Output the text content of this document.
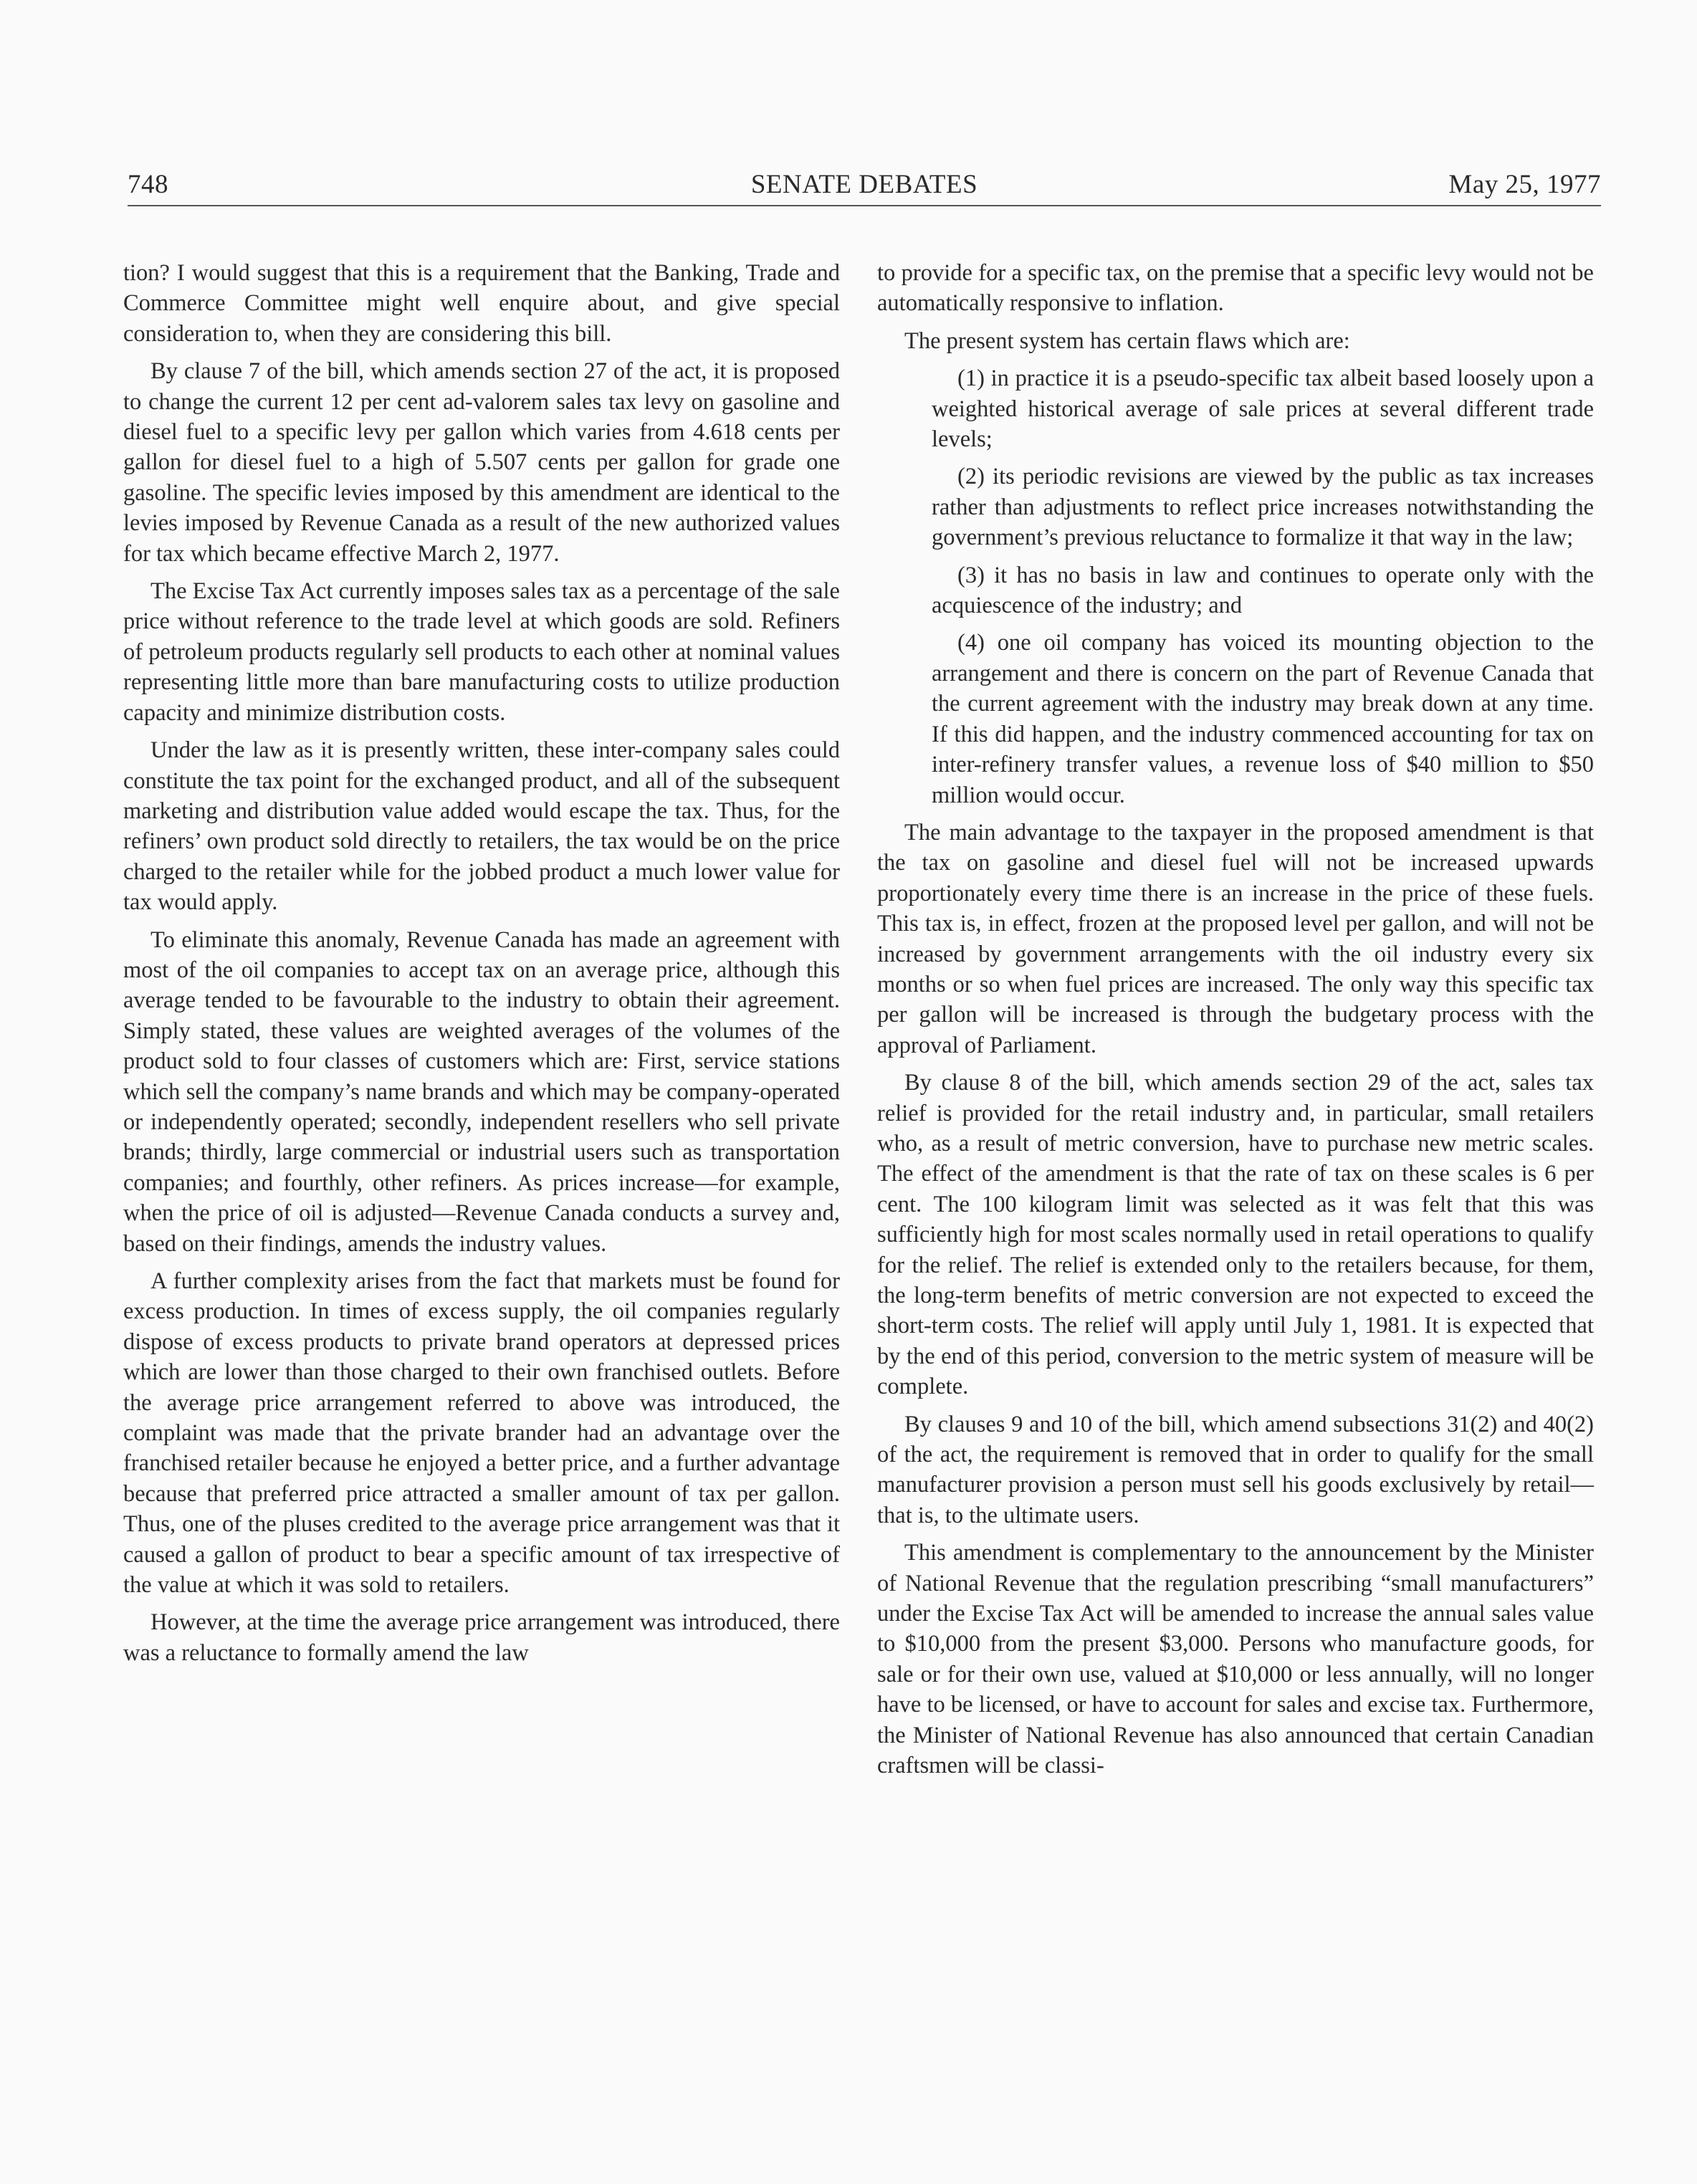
748	SENATE DEBATES	May 25, 1977

tion? I would suggest that this is a requirement that the Banking, Trade and Commerce Committee might well enquire about, and give special consideration to, when they are considering this bill.

By clause 7 of the bill, which amends section 27 of the act, it is proposed to change the current 12 per cent ad-valorem sales tax levy on gasoline and diesel fuel to a specific levy per gallon which varies from 4.618 cents per gallon for diesel fuel to a high of 5.507 cents per gallon for grade one gasoline. The specific levies imposed by this amendment are identical to the levies imposed by Revenue Canada as a result of the new authorized values for tax which became effective March 2, 1977.

The Excise Tax Act currently imposes sales tax as a percentage of the sale price without reference to the trade level at which goods are sold. Refiners of petroleum products regularly sell products to each other at nominal values representing little more than bare manufacturing costs to utilize production capacity and minimize distribution costs.

Under the law as it is presently written, these inter-company sales could constitute the tax point for the exchanged product, and all of the subsequent marketing and distribution value added would escape the tax. Thus, for the refiners’ own product sold directly to retailers, the tax would be on the price charged to the retailer while for the jobbed product a much lower value for tax would apply.

To eliminate this anomaly, Revenue Canada has made an agreement with most of the oil companies to accept tax on an average price, although this average tended to be favourable to the industry to obtain their agreement. Simply stated, these values are weighted averages of the volumes of the product sold to four classes of customers which are: First, service stations which sell the company’s name brands and which may be company-operated or independently operated; secondly, independent resellers who sell private brands; thirdly, large commercial or industrial users such as transportation companies; and fourthly, other refiners. As prices increase—for example, when the price of oil is adjusted—Revenue Canada conducts a survey and, based on their findings, amends the industry values.

A further complexity arises from the fact that markets must be found for excess production. In times of excess supply, the oil companies regularly dispose of excess products to private brand operators at depressed prices which are lower than those charged to their own franchised outlets. Before the average price arrangement referred to above was introduced, the complaint was made that the private brander had an advantage over the franchised retailer because he enjoyed a better price, and a further advantage because that preferred price attracted a smaller amount of tax per gallon. Thus, one of the pluses credited to the average price arrangement was that it caused a gallon of product to bear a specific amount of tax irrespective of the value at which it was sold to retailers.

However, at the time the average price arrangement was introduced, there was a reluctance to formally amend the law

to provide for a specific tax, on the premise that a specific levy would not be automatically responsive to inflation.

The present system has certain flaws which are:

(1) in practice it is a pseudo-specific tax albeit based loosely upon a weighted historical average of sale prices at several different trade levels;

(2) its periodic revisions are viewed by the public as tax increases rather than adjustments to reflect price increases notwithstanding the government’s previous reluctance to formalize it that way in the law;

(3) it has no basis in law and continues to operate only with the acquiescence of the industry; and

(4) one oil company has voiced its mounting objection to the arrangement and there is concern on the part of Revenue Canada that the current agreement with the industry may break down at any time. If this did happen, and the industry commenced accounting for tax on inter-refinery transfer values, a revenue loss of $40 million to $50 million would occur.

The main advantage to the taxpayer in the proposed amendment is that the tax on gasoline and diesel fuel will not be increased upwards proportionately every time there is an increase in the price of these fuels. This tax is, in effect, frozen at the proposed level per gallon, and will not be increased by government arrangements with the oil industry every six months or so when fuel prices are increased. The only way this specific tax per gallon will be increased is through the budgetary process with the approval of Parliament.

By clause 8 of the bill, which amends section 29 of the act, sales tax relief is provided for the retail industry and, in particular, small retailers who, as a result of metric conversion, have to purchase new metric scales. The effect of the amendment is that the rate of tax on these scales is 6 per cent. The 100 kilogram limit was selected as it was felt that this was sufficiently high for most scales normally used in retail operations to qualify for the relief. The relief is extended only to the retailers because, for them, the long-term benefits of metric conversion are not expected to exceed the short-term costs. The relief will apply until July 1, 1981. It is expected that by the end of this period, conversion to the metric system of measure will be complete.

By clauses 9 and 10 of the bill, which amend subsections 31(2) and 40(2) of the act, the requirement is removed that in order to qualify for the small manufacturer provision a person must sell his goods exclusively by retail—that is, to the ultimate users.

This amendment is complementary to the announcement by the Minister of National Revenue that the regulation prescribing “small manufacturers” under the Excise Tax Act will be amended to increase the annual sales value to $10,000 from the present $3,000. Persons who manufacture goods, for sale or for their own use, valued at $10,000 or less annually, will no longer have to be licensed, or have to account for sales and excise tax. Furthermore, the Minister of National Revenue has also announced that certain Canadian craftsmen will be classi-
